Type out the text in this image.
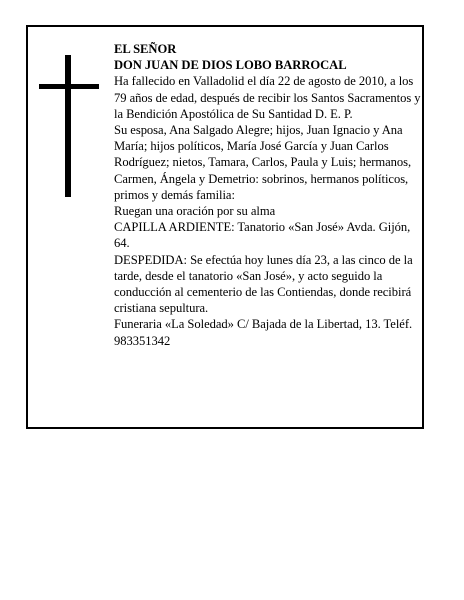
EL SEÑOR

DON JUAN DE DIOS LOBO BARROCAL

Ha fallecido en Valladolid el día 22 de agosto de 2010, a los 79 años de edad, después de recibir los Santos Sacramentos y la Bendición Apostólica de Su Santidad D. E. P.

Su esposa, Ana Salgado Alegre; hijos, Juan Ignacio y Ana María; hijos políticos, María José García y Juan Carlos Rodríguez; nietos, Tamara, Carlos, Paula y Luis; hermanos, Carmen, Ángela y Demetrio: sobrinos, hermanos políticos, primos y demás familia:

Ruegan una oración por su alma

CAPILLA ARDIENTE: Tanatorio «San José» Avda. Gijón, 64.

DESPEDIDA: Se efectúa hoy lunes día 23, a las cinco de la tarde, desde el tanatorio «San José», y acto seguido la conducción al cementerio de las Contiendas, donde recibirá cristiana sepultura.

Funeraria «La Soledad» C/ Bajada de la Libertad, 13. Teléf. 983351342
